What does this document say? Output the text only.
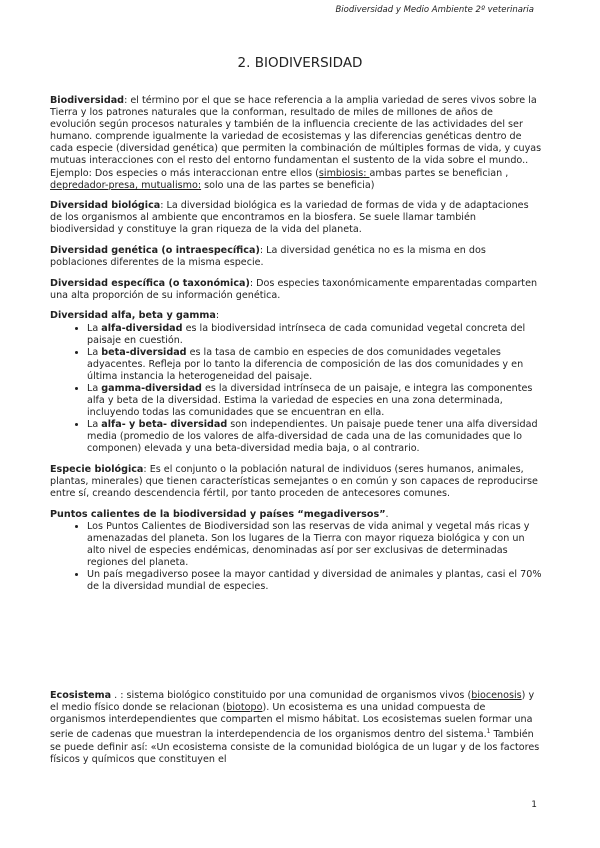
Biodiversidad y Medio Ambiente 2º veterinaria
2. BIODIVERSIDAD

Biodiversidad: el término por el que se hace referencia a la amplia variedad de seres vivos sobre la Tierra y los patrones naturales que la conforman, resultado de miles de millones de años de evolución según procesos naturales y también de la influencia creciente de las actividades del ser humano. comprende igualmente la variedad de ecosistemas y las diferencias genéticas dentro de cada especie (diversidad genética) que permiten la combinación de múltiples formas de vida, y cuyas mutuas interacciones con el resto del entorno fundamentan el sustento de la vida sobre el mundo.. Ejemplo: Dos especies o más interaccionan entre ellos (simbiosis: ambas partes se benefician , depredador-presa, mutualismo: solo una de las partes se beneficia)

Diversidad biológica: La diversidad biológica es la variedad de formas de vida y de adaptaciones de los organismos al ambiente que encontramos en la biosfera. Se suele llamar también biodiversidad y constituye la gran riqueza de la vida del planeta.

Diversidad genética (o intraespecífica): La diversidad genética no es la misma en dos poblaciones diferentes de la misma especie.

Diversidad específica (o taxonómica): Dos especies taxonómicamente emparentadas comparten una alta proporción de su información genética.

Diversidad alfa, beta y gamma:
• La alfa-diversidad es la biodiversidad intrínseca de cada comunidad vegetal concreta del paisaje en cuestión.
• La beta-diversidad es la tasa de cambio en especies de dos comunidades vegetales adyacentes. Refleja por lo tanto la diferencia de composición de las dos comunidades y en última instancia la heterogeneidad del paisaje.
• La gamma-diversidad es la diversidad intrínseca de un paisaje, e integra las componentes alfa y beta de la diversidad. Estima la variedad de especies en una zona determinada, incluyendo todas las comunidades que se encuentran en ella.
• La alfa- y beta- diversidad son independientes. Un paisaje puede tener una alfa diversidad media (promedio de los valores de alfa-diversidad de cada una de las comunidades que lo componen) elevada y una beta-diversidad media baja, o al contrario.

Especie biológica: Es el conjunto o la población natural de individuos (seres humanos, animales, plantas, minerales) que tienen características semejantes o en común y son capaces de reproducirse entre sí, creando descendencia fértil, por tanto proceden de antecesores comunes.

Puntos calientes de la biodiversidad y países “megadiversos”.
• Los Puntos Calientes de Biodiversidad son las reservas de vida animal y vegetal más ricas y amenazadas del planeta. Son los lugares de la Tierra con mayor riqueza biológica y con un alto nivel de especies endémicas, denominadas así por ser exclusivas de determinadas regiones del planeta.
• Un país megadiverso posee la mayor cantidad y diversidad de animales y plantas, casi el 70% de la diversidad mundial de especies.

Ecosistema . : sistema biológico constituido por una comunidad de organismos vivos (biocenosis) y el medio físico donde se relacionan (biotopo). Un ecosistema es una unidad compuesta de organismos interdependientes que comparten el mismo hábitat. Los ecosistemas suelen formar una serie de cadenas que muestran la interdependencia de los organismos dentro del sistema.$^1$ También se puede definir así: «Un ecosistema consiste de la comunidad biológica de un lugar y de los factores físicos y químicos que constituyen el

1
